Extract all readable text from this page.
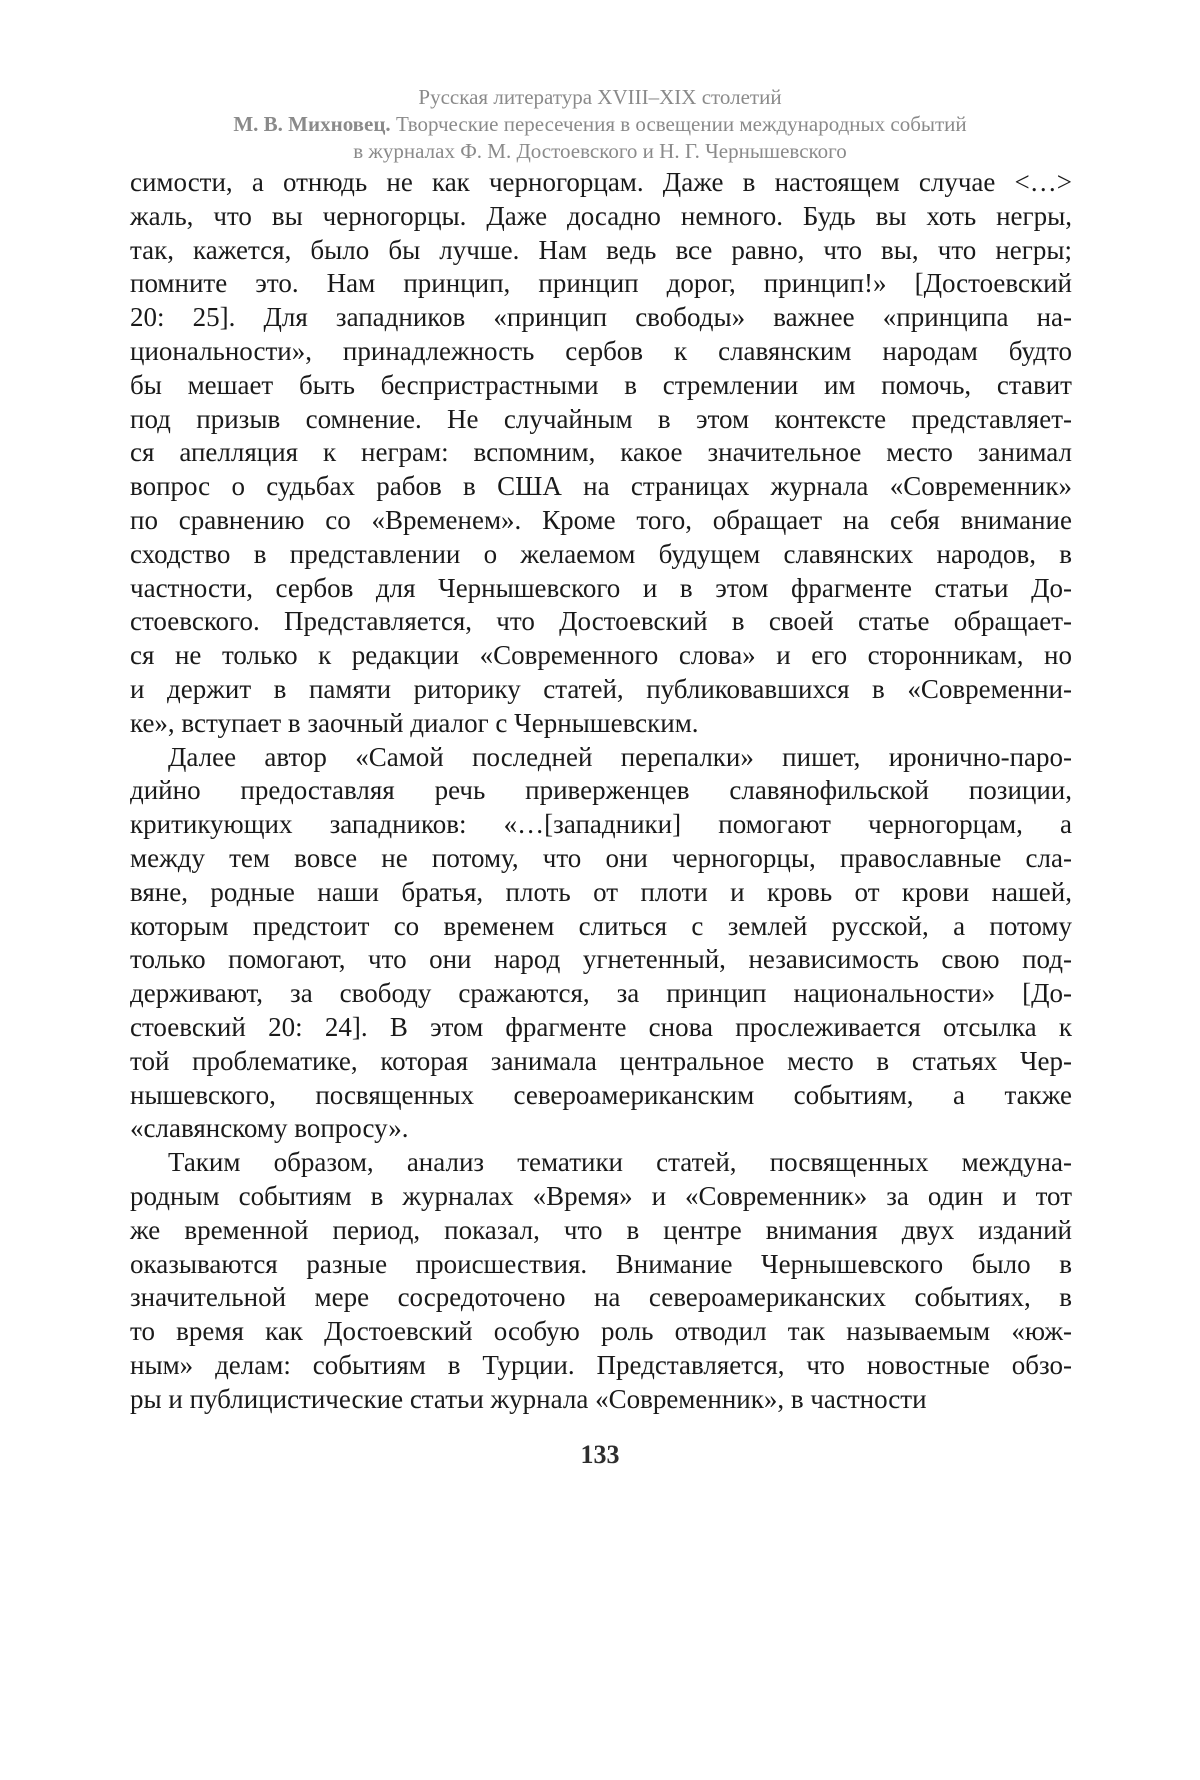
Русская литература XVIII–XIX столетий
М. В. Михновец. Творческие пересечения в освещении международных событий
в журналах Ф. М. Достоевского и Н. Г. Чернышевского
симости, а отнюдь не как черногорцам. Даже в настоящем случае <…>
жаль, что вы черногорцы. Даже досадно немного. Будь вы хоть негры,
так, кажется, было бы лучше. Нам ведь все равно, что вы, что негры;
помните это. Нам принцип, принцип дорог, принцип!» [Достоевский
20: 25]. Для западников «принцип свободы» важнее «принципа на-
циональности», принадлежность сербов к славянским народам будто
бы мешает быть беспристрастными в стремлении им помочь, ставит
под призыв сомнение. Не случайным в этом контексте представляет-
ся апелляция к неграм: вспомним, какое значительное место занимал
вопрос о судьбах рабов в США на страницах журнала «Современник»
по сравнению со «Временем». Кроме того, обращает на себя внимание
сходство в представлении о желаемом будущем славянских народов, в
частности, сербов для Чернышевского и в этом фрагменте статьи До-
стоевского. Представляется, что Достоевский в своей статье обращает-
ся не только к редакции «Современного слова» и его сторонникам, но
и держит в памяти риторику статей, публиковавшихся в «Современни-
ке», вступает в заочный диалог с Чернышевским.
Далее автор «Самой последней перепалки» пишет, иронично-паро-
дийно предоставляя речь приверженцев славянофильской позиции,
критикующих западников: «…[западники] помогают черногорцам, а
между тем вовсе не потому, что они черногорцы, православные сла-
вяне, родные наши братья, плоть от плоти и кровь от крови нашей,
которым предстоит со временем слиться с землей русской, а потому
только помогают, что они народ угнетенный, независимость свою под-
держивают, за свободу сражаются, за принцип национальности» [До-
стоевский 20: 24]. В этом фрагменте снова прослеживается отсылка к
той проблематике, которая занимала центральное место в статьях Чер-
нышевского, посвященных североамериканским событиям, а также
«славянскому вопросу».
Таким образом, анализ тематики статей, посвященных междуна-
родным событиям в журналах «Время» и «Современник» за один и тот
же временной период, показал, что в центре внимания двух изданий
оказываются разные происшествия. Внимание Чернышевского было в
значительной мере сосредоточено на североамериканских событиях, в
то время как Достоевский особую роль отводил так называемым «юж-
ным» делам: событиям в Турции. Представляется, что новостные обзо-
ры и публицистические статьи журнала «Современник», в частности
133
